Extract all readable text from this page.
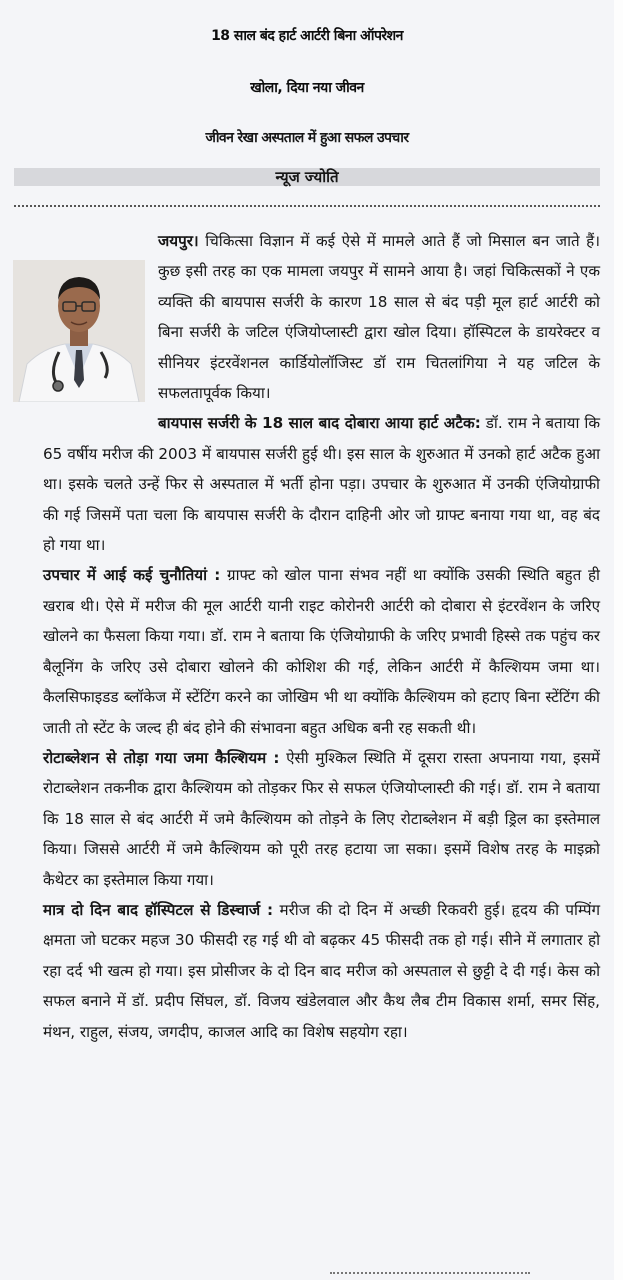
18 साल बंद हार्ट आर्टरी बिना ऑपरेशन
खोला, दिया नया जीवन
जीवन रेखा अस्पताल में हुआ सफल उपचार
न्यूज ज्योति

जयपुर। चिकित्सा विज्ञान में कई ऐसे में मामले आते हैं जो मिसाल बन जाते हैं। कुछ इसी तरह का एक मामला जयपुर में सामने आया है। जहां चिकित्सकों ने एक व्यक्ति की बायपास सर्जरी के कारण 18 साल से बंद पड़ी मूल हार्ट आर्टरी को बिना सर्जरी के जटिल एंजियोप्लास्टी द्वारा खोल दिया। हॉस्पिटल के डायरेक्टर व सीनियर इंटरवेंशनल कार्डियोलॉजिस्ट डॉ राम चितलांगिया ने यह जटिल के सफलतापूर्वक किया।

बायपास सर्जरी के 18 साल बाद दोबारा आया हार्ट अटैक: डॉ. राम ने बताया कि 65 वर्षीय मरीज की 2003 में बायपास सर्जरी हुई थी। इस साल के शुरुआत में उनको हार्ट अटैक हुआ था। इसके चलते उन्हें फिर से अस्पताल में भर्ती होना पड़ा। उपचार के शुरुआत में उनकी एंजियोग्राफी की गई जिसमें पता चला कि बायपास सर्जरी के दौरान दाहिनी ओर जो ग्राफ्ट बनाया गया था, वह बंद हो गया था।

उपचार में आई कई चुनौतियां : ग्राफ्ट को खोल पाना संभव नहीं था क्योंकि उसकी स्थिति बहुत ही खराब थी। ऐसे में मरीज की मूल आर्टरी यानी राइट कोरोनरी आर्टरी को दोबारा से इंटरवेंशन के जरिए खोलने का फैसला किया गया। डॉ. राम ने बताया कि एंजियोग्राफी के जरिए प्रभावी हिस्से तक पहुंच कर बैलूनिंग के जरिए उसे दोबारा खोलने की कोशिश की गई, लेकिन आर्टरी में कैल्शियम जमा था। कैलसिफाइडड ब्लॉकेज में स्टेंटिंग करने का जोखिम भी था क्योंकि कैल्शियम को हटाए बिना स्टेंटिंग की जाती तो स्टेंट के जल्द ही बंद होने की संभावना बहुत अधिक बनी रह सकती थी।

रोटाब्लेशन से तोड़ा गया जमा कैल्शियम : ऐसी मुश्किल स्थिति में दूसरा रास्ता अपनाया गया, इसमें रोटाब्लेशन तकनीक द्वारा कैल्शियम को तोड़कर फिर से सफल एंजियोप्लास्टी की गई। डॉ. राम ने बताया कि 18 साल से बंद आर्टरी में जमे कैल्शियम को तोड़ने के लिए रोटाब्लेशन में बड़ी ड्रिल का इस्तेमाल किया। जिससे आर्टरी में जमे कैल्शियम को पूरी तरह हटाया जा सका। इसमें विशेष तरह के माइक्रो कैथेटर का इस्तेमाल किया गया।

मात्र दो दिन बाद हॉस्पिटल से डिस्चार्ज : मरीज की दो दिन में अच्छी रिकवरी हुई। हृदय की पम्पिंग क्षमता जो घटकर महज 30 फीसदी रह गई थी वो बढ़कर 45 फीसदी तक हो गई। सीने में लगातार हो रहा दर्द भी खत्म हो गया। इस प्रोसीजर के दो दिन बाद मरीज को अस्पताल से छुट्टी दे दी गई। केस को सफल बनाने में डॉ. प्रदीप सिंघल, डॉ. विजय खंडेलवाल और कैथ लैब टीम विकास शर्मा, समर सिंह, मंथन, राहुल, संजय, जगदीप, काजल आदि का विशेष सहयोग रहा।
